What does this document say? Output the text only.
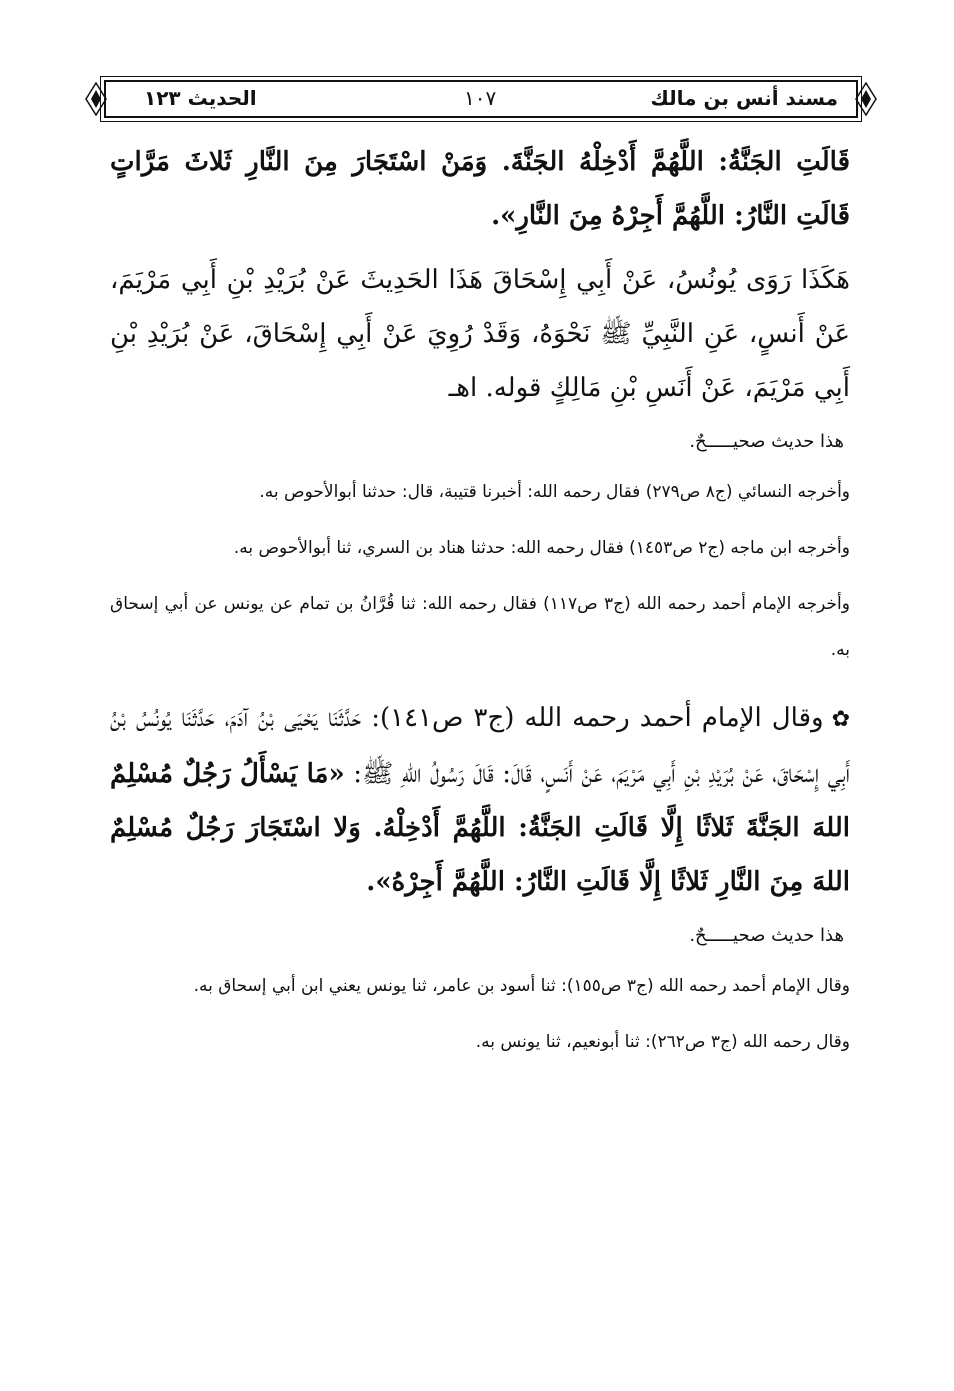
الحديث ١٢٣	١٠٧	مسند أنس بن مالك

قَالَتِ الجَنَّةُ: اللَّهُمَّ أَدْخِلْهُ الجَنَّةَ. وَمَنْ اسْتَجَارَ مِنَ النَّارِ ثَلاثَ مَرَّاتٍ قَالَتِ النَّارُ: اللَّهُمَّ أَجِرْهُ مِنَ النَّارِ».

هَكَذَا رَوَى يُونُسُ، عَنْ أَبِي إِسْحَاقَ هَذَا الحَدِيثَ عَنْ بُرَيْدِ بْنِ أَبِي مَرْيَمَ، عَنْ أَنسٍ، عَنِ النَّبِيِّ ﷺ نَحْوَهُ، وَقَدْ رُوِيَ عَنْ أَبِي إِسْحَاقَ، عَنْ بُرَيْدِ بْنِ أَبِي مَرْيَمَ، عَنْ أَنَسِ بْنِ مَالِكٍ قوله. اهـ

هذا حديث صحيـــــحٌ.

وأخرجه النسائي (ج٨ ص٢٧٩) فقال رحمه الله: أخبرنا قتيبة، قال: حدثنا أبوالأحوص به.

وأخرجه ابن ماجه (ج٢ ص١٤٥٣) فقال رحمه الله: حدثنا هناد بن السري، ثنا أبوالأحوص به.

وأخرجه الإمام أحمد رحمه الله (ج٣ ص١١٧) فقال رحمه الله: ثنا قُرَّانُ بن تمام عن يونس عن أبي إسحاق به.

✿وقال الإمام أحمد رحمه الله (ج٣ ص١٤١): حَدَّثَنَا يَحْيَى بْنُ آدَمَ، حَدَّثَنَا يُونُسُ بْنُ أَبِي إِسْحَاقَ، عَنْ بُرَيْدِ بْنِ أَبِي مَرْيَمَ، عَنْ أَنَسٍ، قَالَ: قَالَ رَسُولُ اللهِ ﷺ: «مَا يَسْأَلُ رَجُلٌ مُسْلِمٌ اللهَ الجَنَّةَ ثَلاثًا إِلَّا قَالَتِ الجَنَّةُ: اللَّهُمَّ أَدْخِلْهُ. وَلا اسْتَجَارَ رَجُلٌ مُسْلِمٌ اللهَ مِنَ النَّارِ ثَلاثًا إِلَّا قَالَتِ النَّارُ: اللَّهُمَّ أَجِرْهُ».

هذا حديث صحيـــــحٌ.

وقال الإمام أحمد رحمه الله (ج٣ ص١٥٥): ثنا أسود بن عامر، ثنا يونس يعني ابن أبي إسحاق به.

وقال رحمه الله (ج٣ ص٢٦٢): ثنا أبونعيم، ثنا يونس به.
